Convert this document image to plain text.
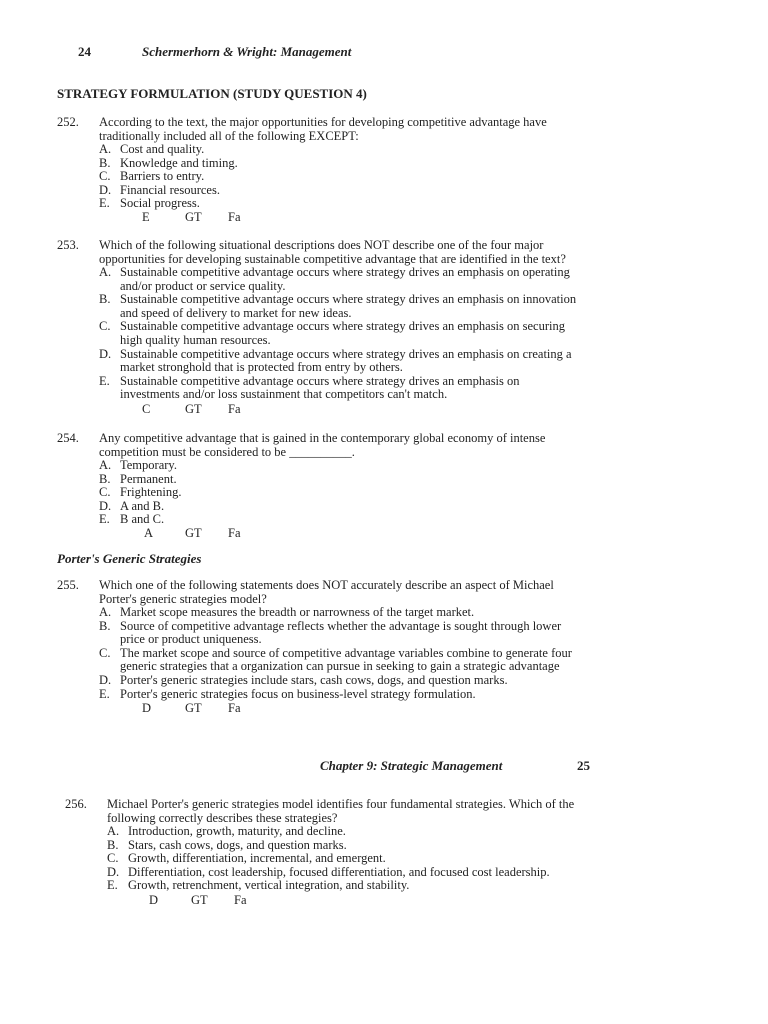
24	Schermerhorn & Wright: Management
STRATEGY FORMULATION (STUDY QUESTION 4)
252. According to the text, the major opportunities for developing competitive advantage have
traditionally included all of the following EXCEPT:
A. Cost and quality.
B. Knowledge and timing.
C. Barriers to entry.
D. Financial resources.
E. Social progress.
E	GT Fa
253. Which of the following situational descriptions does NOT describe one of the four major
opportunities for developing sustainable competitive advantage that are identified in the text?
A. Sustainable competitive advantage occurs where strategy drives an emphasis on operating
and/or product or service quality.
B. Sustainable competitive advantage occurs where strategy drives an emphasis on innovation
and speed of delivery to market for new ideas.
C. Sustainable competitive advantage occurs where strategy drives an emphasis on securing
high quality human resources.
D. Sustainable competitive advantage occurs where strategy drives an emphasis on creating a
market stronghold that is protected from entry by others.
E. Sustainable competitive advantage occurs where strategy drives an emphasis on
investments and/or loss sustainment that competitors can't match.
C	GT Fa
254. Any competitive advantage that is gained in the contemporary global economy of intense
competition must be considered to be __________.
A. Temporary.
B. Permanent.
C. Frightening.
D. A and B.
E. B and C.
A	GT Fa
Porter's Generic Strategies
255. Which one of the following statements does NOT accurately describe an aspect of Michael
Porter's generic strategies model?
A. Market scope measures the breadth or narrowness of the target market.
B. Source of competitive advantage reflects whether the advantage is sought through lower
price or product uniqueness.
C. The market scope and source of competitive advantage variables combine to generate four
generic strategies that a organization can pursue in seeking to gain a strategic advantage
D. Porter's generic strategies include stars, cash cows, dogs, and question marks.
E. Porter's generic strategies focus on business-level strategy formulation.
D	GT Fa
Chapter 9: Strategic Management	25
256. Michael Porter's generic strategies model identifies four fundamental strategies. Which of the
following correctly describes these strategies?
A. Introduction, growth, maturity, and decline.
B. Stars, cash cows, dogs, and question marks.
C. Growth, differentiation, incremental, and emergent.
D. Differentiation, cost leadership, focused differentiation, and focused cost leadership.
E. Growth, retrenchment, vertical integration, and stability.
D	GT Fa
